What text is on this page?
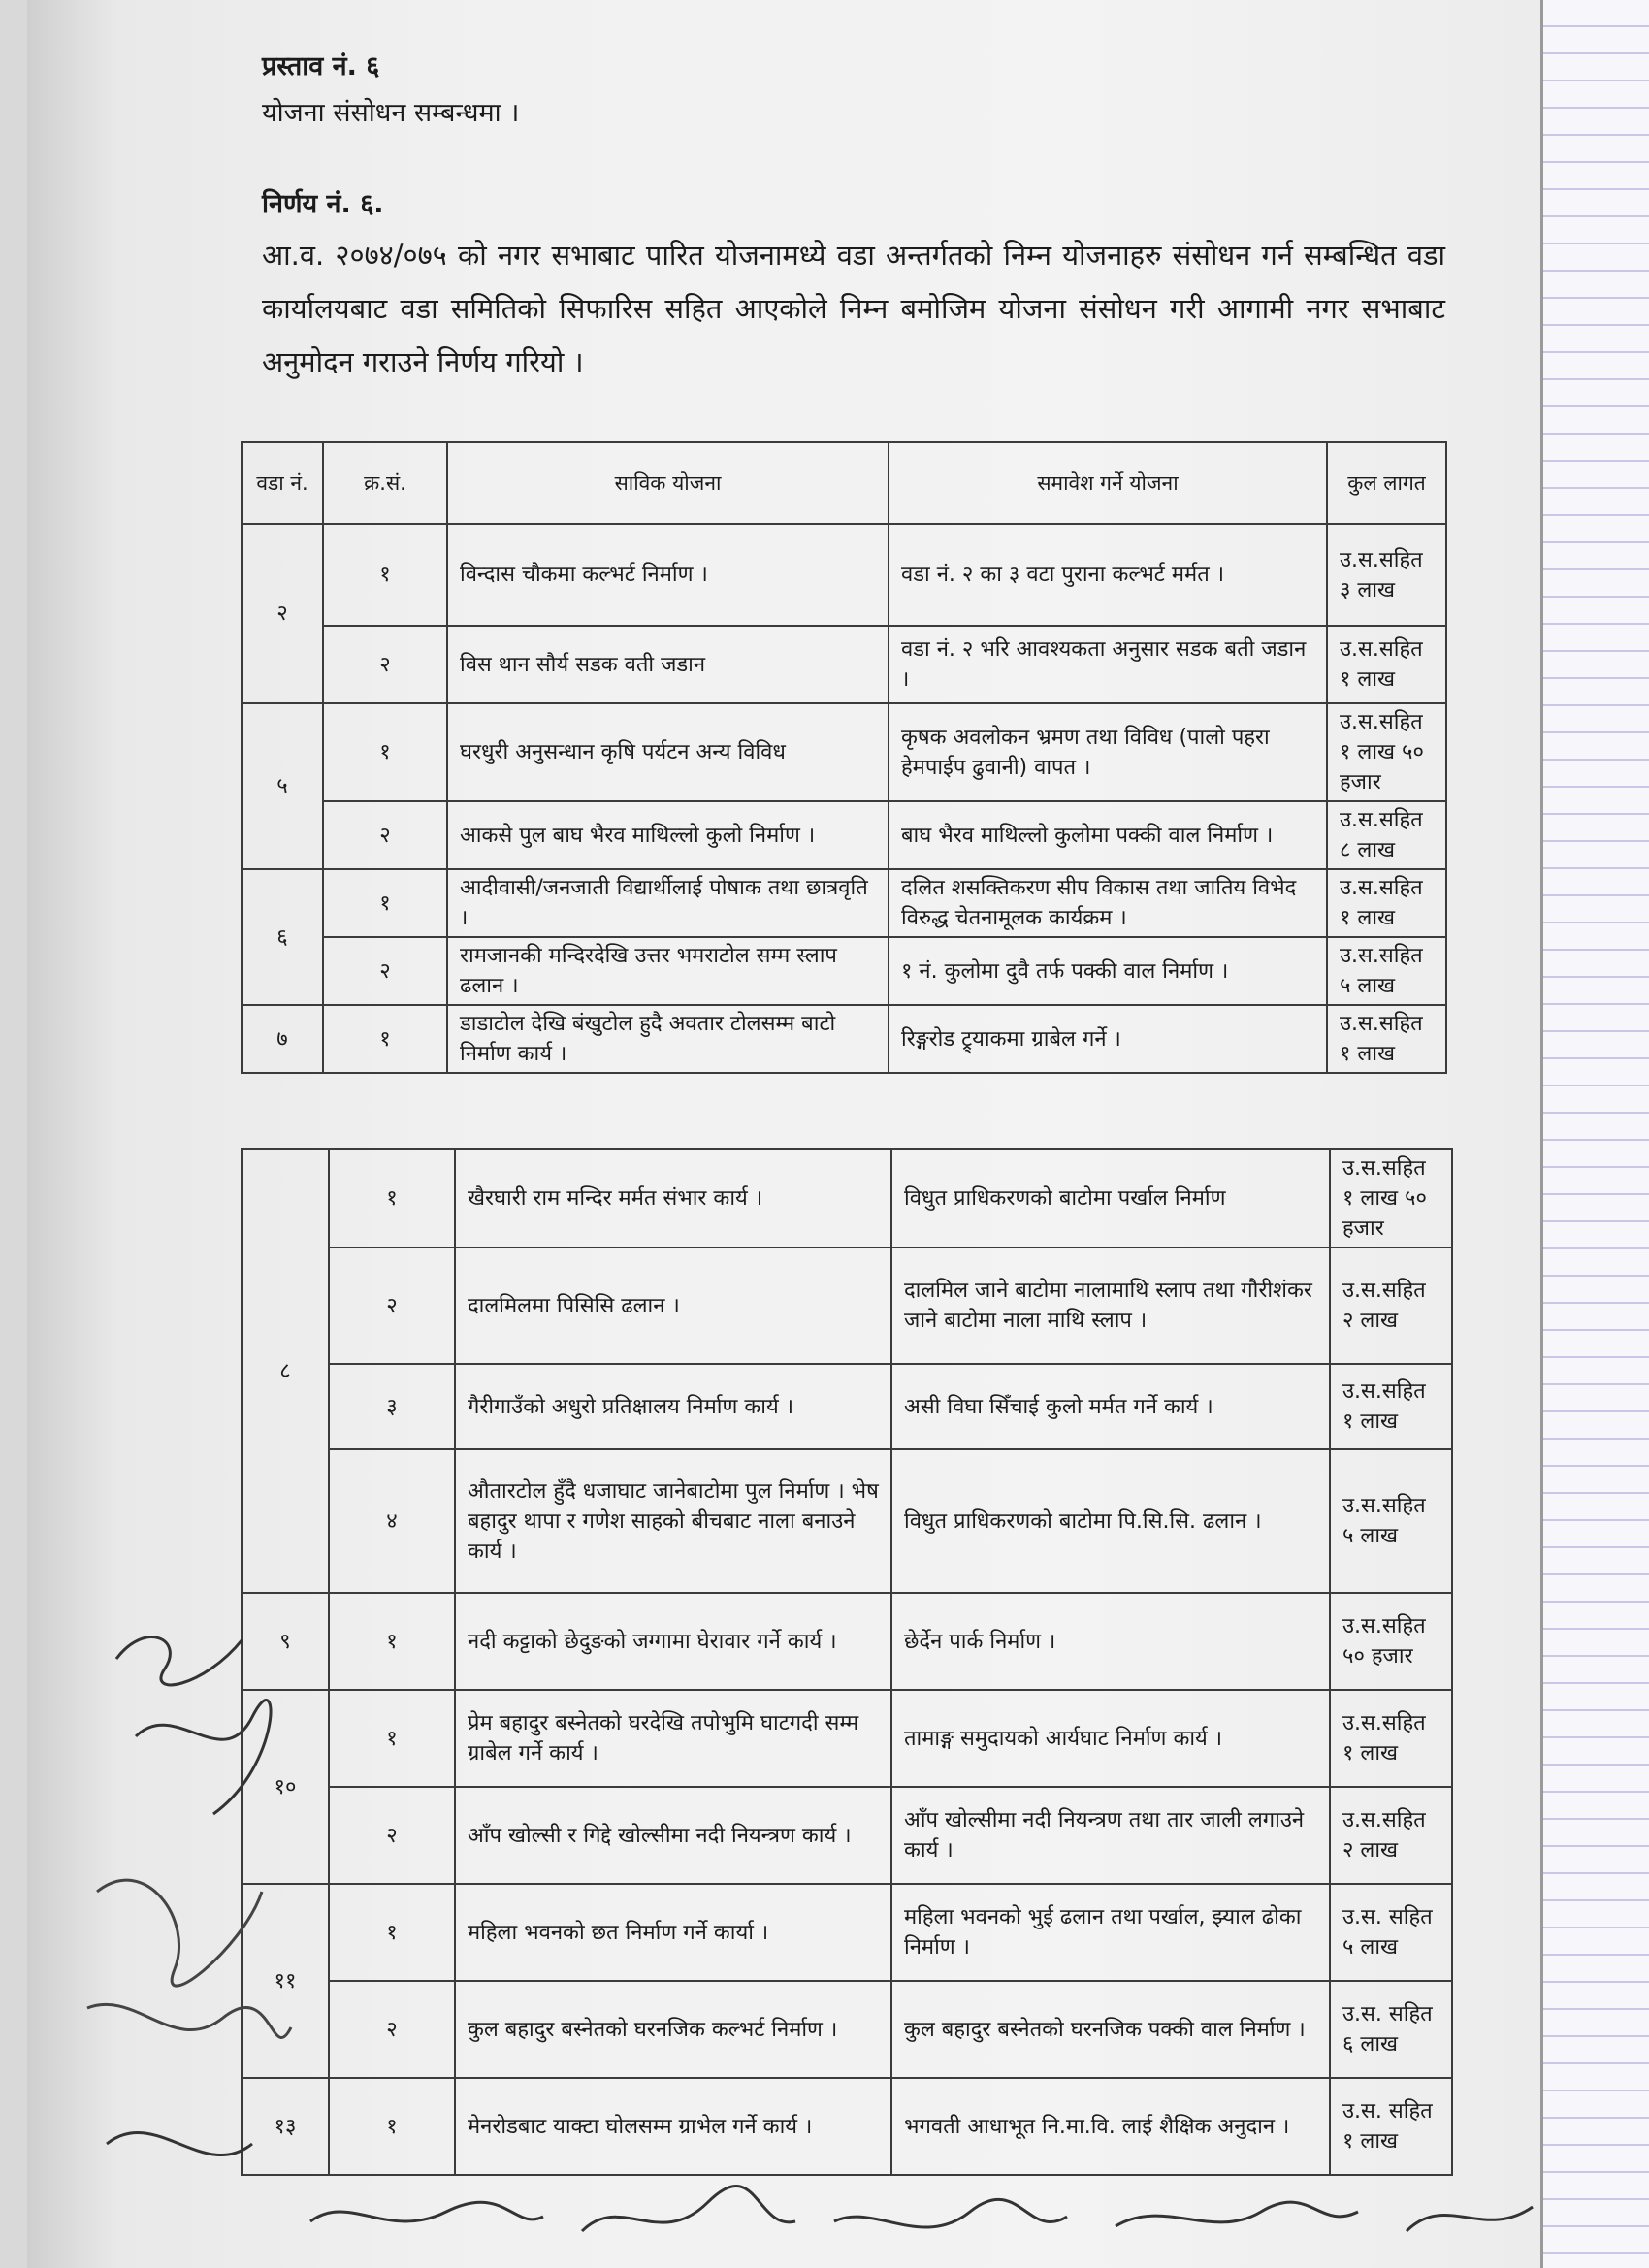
प्रस्ताव नं. ६
योजना संसोधन सम्बन्धमा ।
निर्णय नं. ६.
आ.व. २०७४/०७५ को नगर सभाबाट पारित योजनामध्ये वडा अन्तर्गतको निम्न योजनाहरु संसोधन गर्न सम्बन्धित वडा कार्यालयबाट वडा समितिको सिफारिस सहित आएकोले निम्न बमोजिम योजना संसोधन गरी आगामी नगर सभाबाट अनुमोदन गराउने निर्णय गरियो ।
वडा नं.	क्र.सं.	साविक योजना	समावेश गर्ने योजना	कुल लागत
२	१	विन्दास चौकमा कल्भर्ट निर्माण ।	वडा नं. २ का ३ वटा पुराना कल्भर्ट मर्मत ।	उ.स.सहित ३ लाख
	२	विस थान सौर्य सडक वती जडान	वडा नं. २ भरि आवश्यकता अनुसार सडक बती जडान ।	उ.स.सहित १ लाख
५	१	घरधुरी अनुसन्धान कृषि पर्यटन अन्य विविध	कृषक अवलोकन भ्रमण तथा विविध (पालो पहरा हेमपाईप ढुवानी) वापत ।	उ.स.सहित १ लाख ५० हजार
	२	आकसे पुल बाघ भैरव माथिल्लो कुलो निर्माण ।	बाघ भैरव माथिल्लो कुलोमा पक्की वाल निर्माण ।	उ.स.सहित ८ लाख
६	१	आदीवासी/जनजाती विद्यार्थीलाई पोषाक तथा छात्रवृति ।	दलित शसक्तिकरण सीप विकास तथा जातिय विभेद विरुद्ध चेतनामूलक कार्यक्रम ।	उ.स.सहित १ लाख
	२	रामजानकी मन्दिरदेखि उत्तर भमराटोल सम्म स्लाप ढलान ।	१ नं. कुलोमा दुवै तर्फ पक्की वाल निर्माण ।	उ.स.सहित ५ लाख
७	१	डाडाटोल देखि बंखुटोल हुदै अवतार टोलसम्म बाटो निर्माण कार्य ।	रिङ्गरोड ट्र्याकमा ग्राबेल गर्ने ।	उ.स.सहित १ लाख
८	१	खैरघारी राम मन्दिर मर्मत संभार कार्य ।	विधुत प्राधिकरणको बाटोमा पर्खाल निर्माण	उ.स.सहित १ लाख ५० हजार
	२	दालमिलमा पिसिसि ढलान ।	दालमिल जाने बाटोमा नालामाथि स्लाप तथा गौरीशंकर जाने बाटोमा नाला माथि स्लाप ।	उ.स.सहित २ लाख
	३	गैरीगाउँको अधुरो प्रतिक्षालय निर्माण कार्य ।	असी विघा सिँचाई कुलो मर्मत गर्ने कार्य ।	उ.स.सहित १ लाख
	४	औतारटोल हुँदै धजाघाट जानेबाटोमा पुल निर्माण । भेष बहादुर थापा र गणेश साहको बीचबाट नाला बनाउने कार्य ।	विधुत प्राधिकरणको बाटोमा पि.सि.सि. ढलान ।	उ.स.सहित ५ लाख
९	१	नदी कट्टाको छेदुङको जग्गामा घेरावार गर्ने कार्य ।	छेर्देन पार्क निर्माण ।	उ.स.सहित ५० हजार
१०	१	प्रेम बहादुर बस्नेतको घरदेखि तपोभुमि घाटगदी सम्म ग्राबेल गर्ने कार्य ।	तामाङ्ग समुदायको आर्यघाट निर्माण कार्य ।	उ.स.सहित १ लाख
	२	आँप खोल्सी र गिद्दे खोल्सीमा नदी नियन्त्रण कार्य ।	आँप खोल्सीमा नदी नियन्त्रण तथा तार जाली लगाउने कार्य ।	उ.स.सहित २ लाख
११	१	महिला भवनको छत निर्माण गर्ने कार्या ।	महिला भवनको भुई ढलान तथा पर्खाल, झ्याल ढोका निर्माण ।	उ.स. सहित ५ लाख
	२	कुल बहादुर बस्नेतको घरनजिक कल्भर्ट निर्माण ।	कुल बहादुर बस्नेतको घरनजिक पक्की वाल निर्माण ।	उ.स. सहित ६ लाख
१३	१	मेनरोडबाट याक्टा घोलसम्म ग्राभेल गर्ने कार्य ।	भगवती आधाभूत नि.मा.वि. लाई शैक्षिक अनुदान ।	उ.स. सहित १ लाख
